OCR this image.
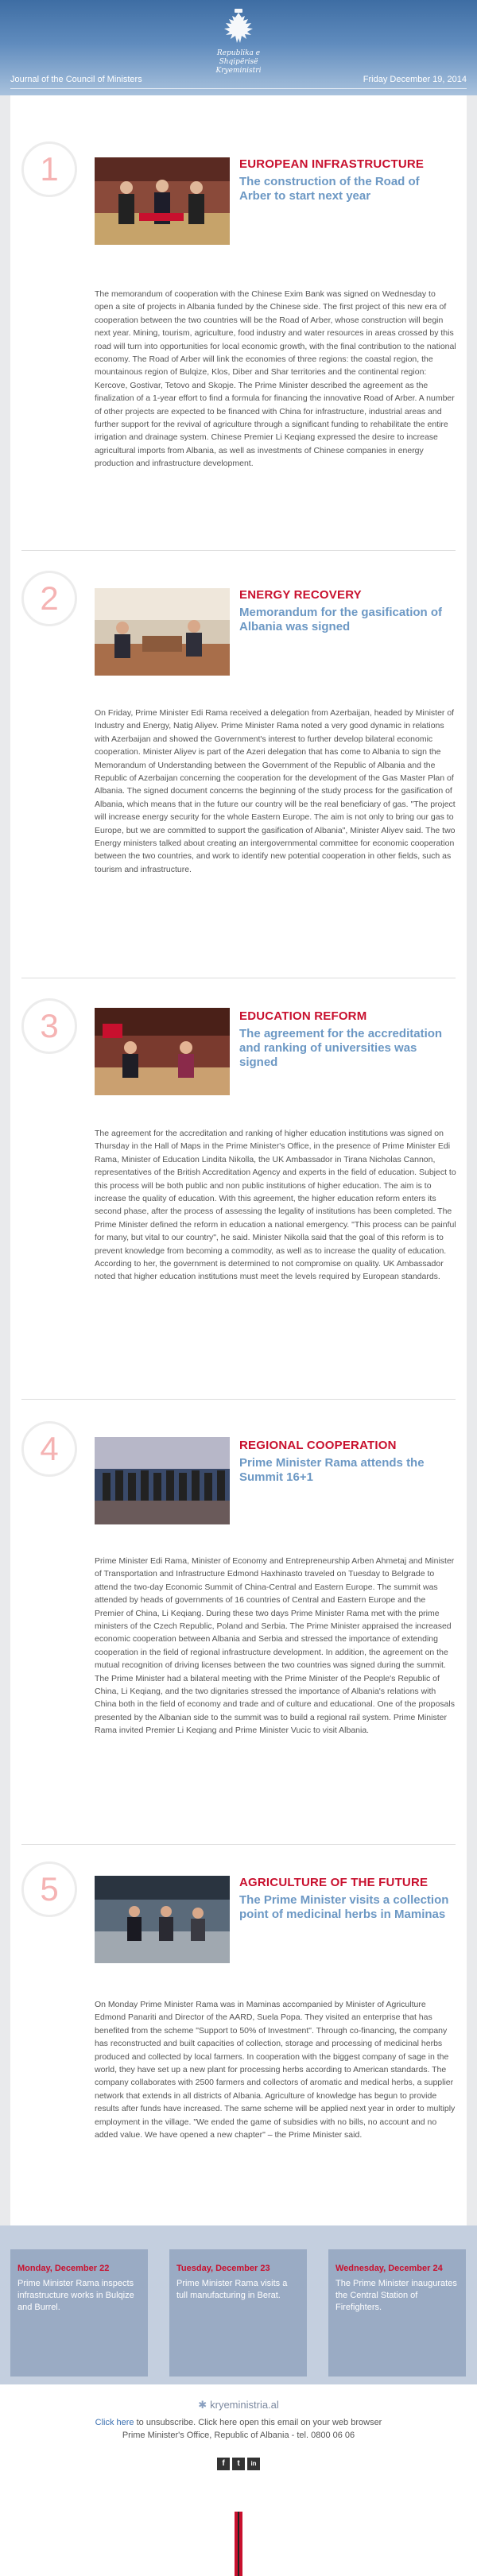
Republika e Shqipërisë
Kryeministri
Journal of the Council of Ministers	Friday December 19, 2014
1	EUROPEAN INFRASTRUCTURE
The construction of the Road of Arber to start next year
The memorandum of cooperation with the Chinese Exim Bank was signed on Wednesday to open a site of projects in Albania funded by the Chinese side. The first project of this new era of cooperation between the two countries will be the Road of Arber, whose construction will begin next year. Mining, tourism, agriculture, food industry and water resources in areas crossed by this road will turn into opportunities for local economic growth, with the final contribution to the national economy. The Road of Arber will link the economies of three regions: the coastal region, the mountainous region of Bulqize, Klos, Diber and Shar territories and the continental region: Kercove, Gostivar, Tetovo and Skopje. The Prime Minister described the agreement as the finalization of a 1-year effort to find a formula for financing the innovative Road of Arber. A number of other projects are expected to be financed with China for infrastructure, industrial areas and further support for the revival of agriculture through a significant funding to rehabilitate the entire irrigation and drainage system. Chinese Premier Li Keqiang expressed the desire to increase agricultural imports from Albania, as well as investments of Chinese companies in energy production and infrastructure development.
2	ENERGY RECOVERY
Memorandum for the gasification of Albania was signed
On Friday, Prime Minister Edi Rama received a delegation from Azerbaijan, headed by Minister of Industry and Energy, Natig Aliyev. Prime Minister Rama noted a very good dynamic in relations with Azerbaijan and showed the Government's interest to further develop bilateral economic cooperation. Minister Aliyev is part of the Azeri delegation that has come to Albania to sign the Memorandum of Understanding between the Government of the Republic of Albania and the Republic of Azerbaijan concerning the cooperation for the development of the Gas Master Plan of Albania. The signed document concerns the beginning of the study process for the gasification of Albania, which means that in the future our country will be the real beneficiary of gas. "The project will increase energy security for the whole Eastern Europe. The aim is not only to bring our gas to Europe, but we are committed to support the gasification of Albania", Minister Aliyev said. The two Energy ministers talked about creating an intergovernmental committee for economic cooperation between the two countries, and work to identify new potential cooperation in other fields, such as tourism and infrastructure.
3	EDUCATION REFORM
The agreement for the accreditation and ranking of universities was signed
The agreement for the accreditation and ranking of higher education institutions was signed on Thursday in the Hall of Maps in the Prime Minister's Office, in the presence of Prime Minister Edi Rama, Minister of Education Lindita Nikolla, the UK Ambassador in Tirana Nicholas Cannon, representatives of the British Accreditation Agency and experts in the field of education. Subject to this process will be both public and non public institutions of higher education. The aim is to increase the quality of education. With this agreement, the higher education reform enters its second phase, after the process of assessing the legality of institutions has been completed. The Prime Minister defined the reform in education a national emergency. "This process can be painful for many, but vital to our country", he said. Minister Nikolla said that the goal of this reform is to prevent knowledge from becoming a commodity, as well as to increase the quality of education. According to her, the government is determined to not compromise on quality. UK Ambassador noted that higher education institutions must meet the levels required by European standards.
4	REGIONAL COOPERATION
Prime Minister Rama attends the Summit 16+1
Prime Minister Edi Rama, Minister of Economy and Entrepreneurship Arben Ahmetaj and Minister of Transportation and Infrastructure Edmond Haxhinasto traveled on Tuesday to Belgrade to attend the two-day Economic Summit of China-Central and Eastern Europe. The summit was attended by heads of governments of 16 countries of Central and Eastern Europe and the Premier of China, Li Keqiang. During these two days Prime Minister Rama met with the prime ministers of the Czech Republic, Poland and Serbia. The Prime Minister appraised the increased economic cooperation between Albania and Serbia and stressed the importance of extending cooperation in the field of regional infrastructure development. In addition, the agreement on the mutual recognition of driving licenses between the two countries was signed during the summit. The Prime Minister had a bilateral meeting with the Prime Minister of the People's Republic of China, Li Keqiang, and the two dignitaries stressed the importance of Albania's relations with China both in the field of economy and trade and of culture and educational. One of the proposals presented by the Albanian side to the summit was to build a regional rail system. Prime Minister Rama invited Premier Li Keqiang and Prime Minister Vucic to visit Albania.
5	AGRICULTURE OF THE FUTURE
The Prime Minister visits a collection point of medicinal herbs in Maminas
On Monday Prime Minister Rama was in Maminas accompanied by Minister of Agriculture Edmond Panariti and Director of the AARD, Suela Popa. They visited an enterprise that has benefited from the scheme "Support to 50% of Investment". Through co-financing, the company has reconstructed and built capacities of collection, storage and processing of medicinal herbs produced and collected by local farmers. In cooperation with the biggest company of sage in the world, they have set up a new plant for processing herbs according to American standards. The company collaborates with 2500 farmers and collectors of aromatic and medical herbs, a supplier network that extends in all districts of Albania. Agriculture of knowledge has begun to provide results after funds have increased. The same scheme will be applied next year in order to multiply employment in the village. "We ended the game of subsidies with no bills, no account and no added value. We have opened a new chapter" – the Prime Minister said.
Monday, December 22
Prime Minister Rama inspects infrastructure works in Bulqize and Burrel.
Tuesday, December 23
Prime Minister Rama visits a tull manufacturing in Berat.
Wednesday, December 24
The Prime Minister inaugurates the Central Station of Firefighters.
✱ kryeministria.al
Click here to unsubscribe. Click here open this email on your web browser
Prime Minister's Office, Republic of Albania - tel. 0800 06 06
f	t	in
